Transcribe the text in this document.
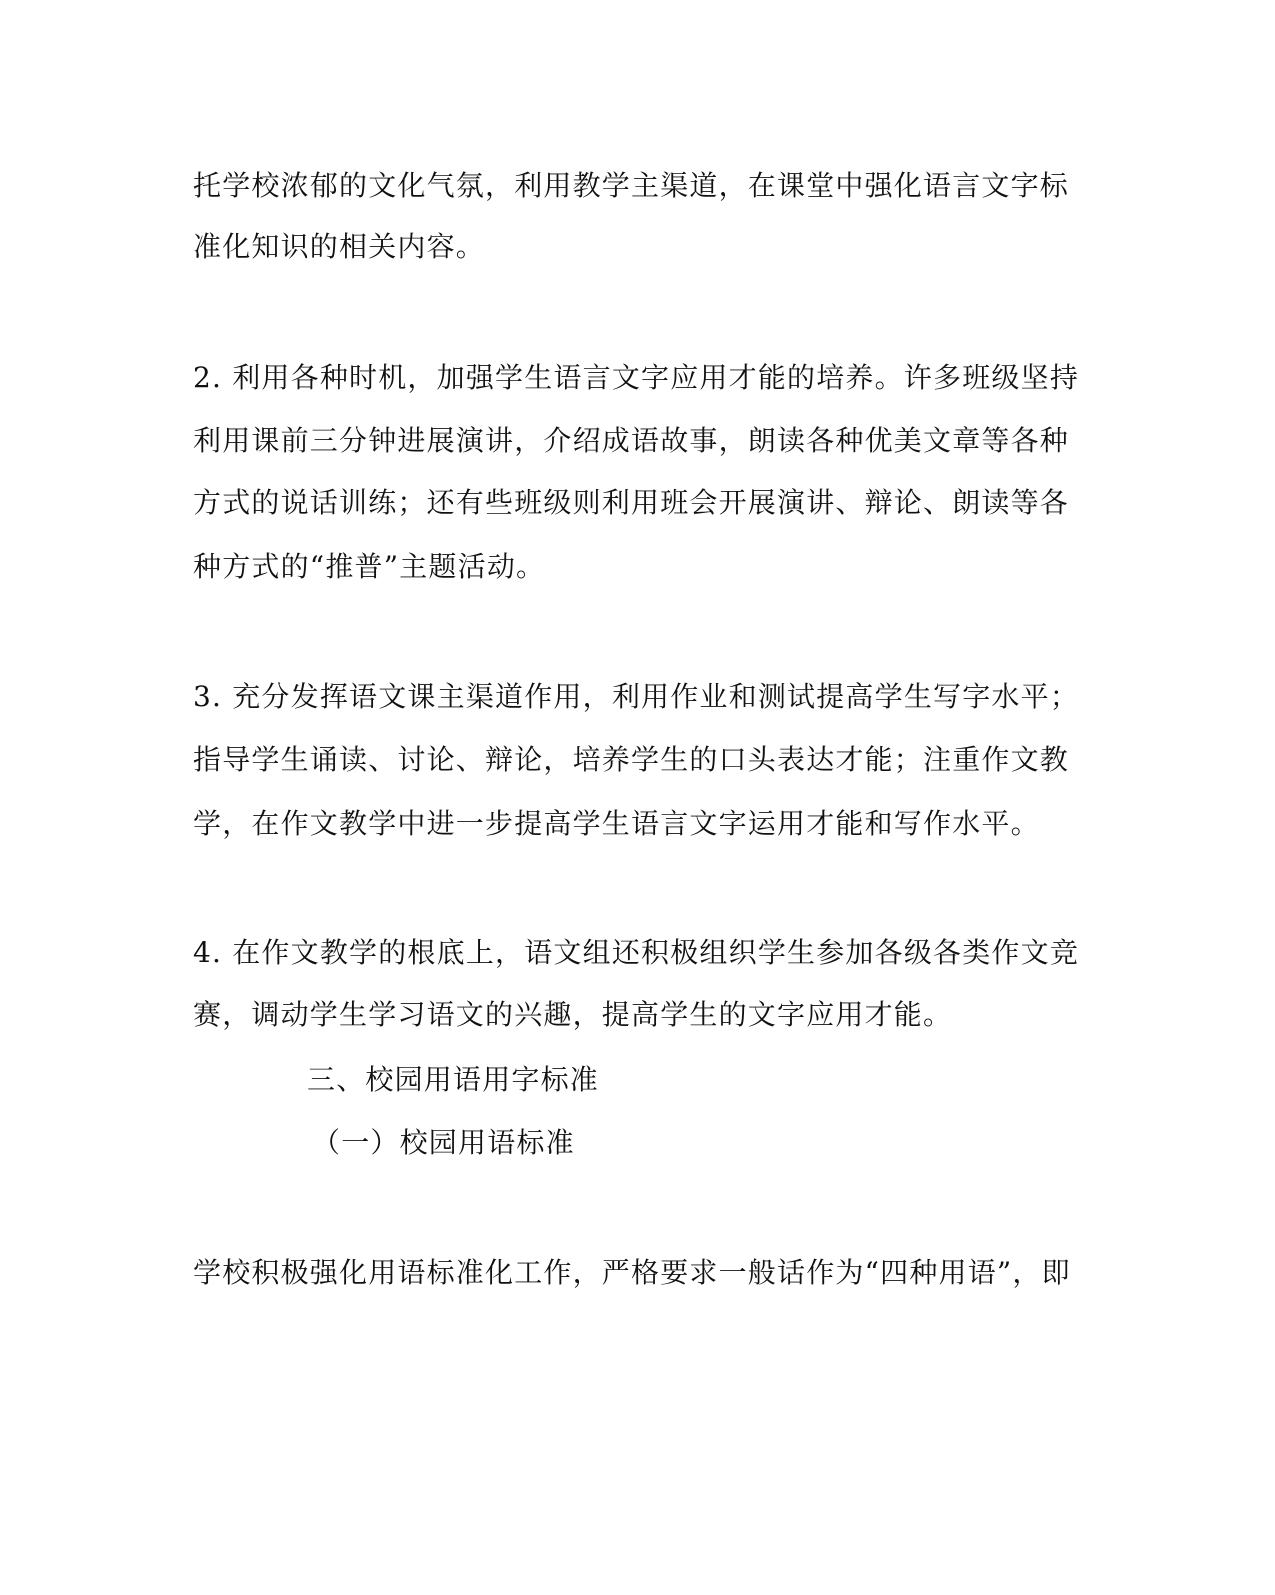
托学校浓郁的文化气氛，利用教学主渠道，在课堂中强化语言文字标
准化知识的相关内容。
2. 利用各种时机，加强学生语言文字应用才能的培养。许多班级坚持
利用课前三分钟进展演讲，介绍成语故事，朗读各种优美文章等各种
方式的说话训练；还有些班级则利用班会开展演讲、辩论、朗读等各
种方式的“推普”主题活动。
3. 充分发挥语文课主渠道作用，利用作业和测试提高学生写字水平；
指导学生诵读、讨论、辩论，培养学生的口头表达才能；注重作文教
学，在作文教学中进一步提高学生语言文字运用才能和写作水平。
4. 在作文教学的根底上，语文组还积极组织学生参加各级各类作文竞
赛，调动学生学习语文的兴趣，提高学生的文字应用才能。
三、校园用语用字标准
（一）校园用语标准
学校积极强化用语标准化工作，严格要求一般话作为“四种用语”，即
